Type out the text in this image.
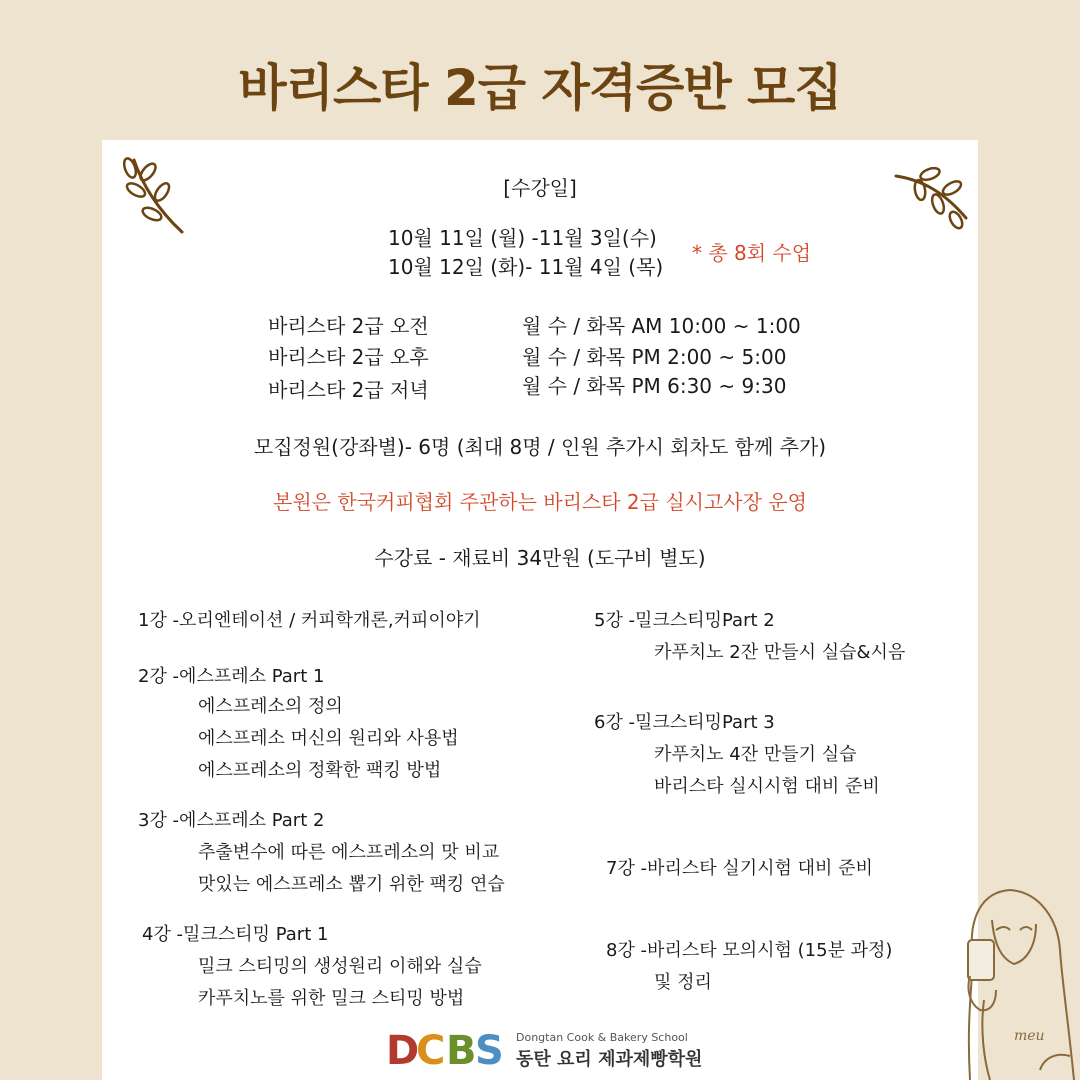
바리스타 2급 자격증반 모집
[수강일]
10월 11일 (월) -11월 3일(수)
10월 12일 (화)- 11월 4일 (목)
* 총 8회 수업
바리스타 2급 오전	월 수 / 화목 AM 10:00 ~ 1:00
바리스타 2급 오후	월 수 / 화목 PM 2:00 ~ 5:00
바리스타 2급 저녁	월 수 / 화목 PM 6:30 ~ 9:30
모집정원(강좌별)- 6명 (최대 8명 / 인원 추가시 회차도 함께 추가)
본원은 한국커피협회 주관하는 바리스타 2급 실시고사장 운영
수강료 - 재료비 34만원 (도구비 별도)
1강 -오리엔테이션 / 커피학개론,커피이야기
2강 -에스프레소 Part 1
에스프레소의 정의
에스프레소 머신의 원리와 사용법
에스프레소의 정확한 팩킹 방법
3강 -에스프레소 Part 2
추출변수에 따른 에스프레소의 맛 비교
맛있는 에스프레소 뽑기 위한 팩킹 연습
4강 -밀크스티밍 Part 1
밀크 스티밍의 생성원리 이해와 실습
카푸치노를 위한 밀크 스티밍 방법
5강 -밀크스티밍Part 2
카푸치노 2잔 만들시 실습&시음
6강 -밀크스티밍Part 3
카푸치노 4잔 만들기 실습
바리스타 실시시험 대비 준비
7강 -바리스타 실기시험 대비 준비
8강 -바리스타 모의시험 (15분 과정)
및 정리
D
C B
S Dongtan Cook & Bakery School
동탄 요리 제과제빵학원
meu
